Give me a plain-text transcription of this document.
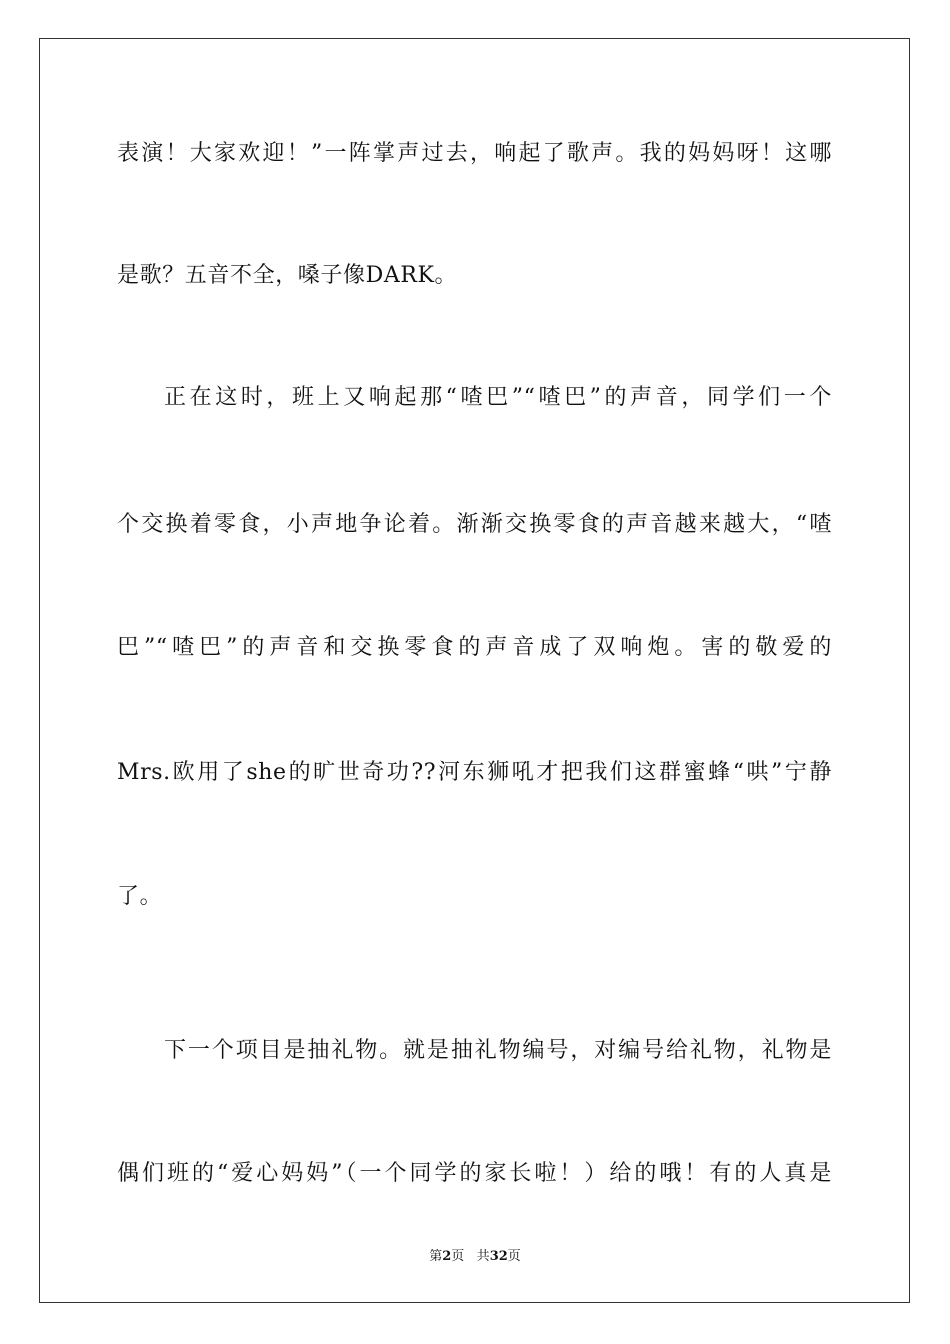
表演！大家欢迎！”一阵掌声过去，响起了歌声。我的妈妈呀！这哪
是歌？五音不全，嗓子像DARK。
正在这时，班上又响起那“喳巴”“喳巴”的声音，同学们一个
个交换着零食，小声地争论着。渐渐交换零食的声音越来越大，“喳
巴”“喳巴”的声音和交换零食的声音成了双响炮。害的敬爱的
Mrs.欧用了she的旷世奇功??河东狮吼才把我们这群蜜蜂“哄”宁静
了。
下一个项目是抽礼物。就是抽礼物编号，对编号给礼物，礼物是
偶们班的“爱心妈妈”（一个同学的家长啦！）给的哦！有的人真是
第2页 共32页
